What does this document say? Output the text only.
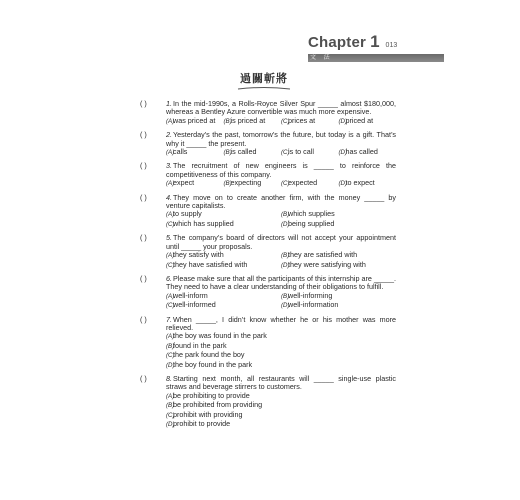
Chapter 1 013
文 法
過關斬將
( )	1.In the mid-1990s, a Rolls-Royce Silver Spur _____ almost $180,000, whereas a Bentley Azure convertible was much more expensive.
(A)was priced at	(B)is priced at	(C)prices at	(D)priced at
( )	2.Yesterday’s the past, tomorrow’s the future, but today is a gift. That’s why it _____ the present.
(A)calls	(B)is called	(C)is to call	(D)has called
( )	3.The recruitment of new engineers is _____ to reinforce the competitiveness of this company.
(A)expect	(B)expecting	(C)expected	(D)to expect
( )	4.They move on to create another firm, with the money _____ by venture capitalists.
(A)to supply	(B)which supplies
(C)which has supplied	(D)being supplied
( )	5.The company’s board of directors will not accept your appointment until _____ your proposals.
(A)they satisfy with	(B)they are satisfied with
(C)they have satisfied with	(D)they were satisfying with
( )	6.Please make sure that all the participants of this internship are _____. They need to have a clear understanding of their obligations to fulfill.
(A)well-inform	(B)well-informing
(C)well-informed	(D)well-information
( )	7.When _____, I didn’t know whether he or his mother was more relieved.
(A)the boy was found in the park
(B)found in the park
(C)the park found the boy
(D)the boy found in the park
( )	8.Starting next month, all restaurants will _____ single-use plastic straws and beverage stirrers to customers.
(A)be prohibiting to provide
(B)be prohibited from providing
(C)prohibit with providing
(D)prohibit to provide
